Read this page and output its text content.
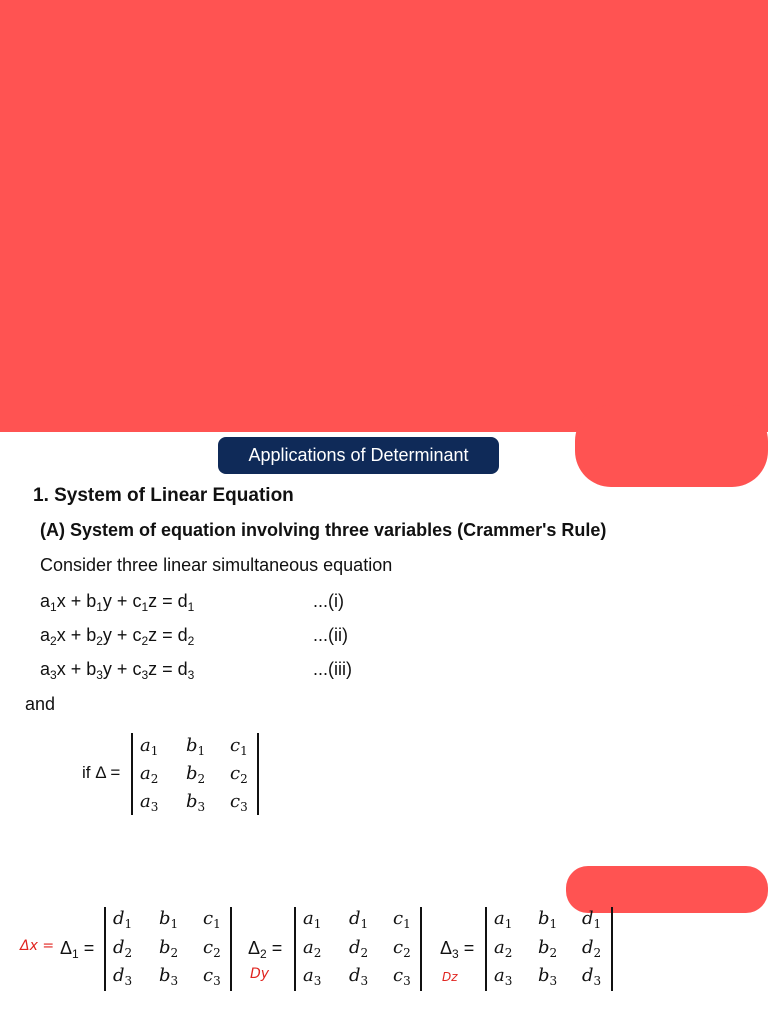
Applications of Determinant
1. System of Linear Equation
(A) System of equation involving three variables (Crammer's Rule)
Consider three linear simultaneous equation
$a_1x + b_1y + c_1z = d_1$	...(i)
$a_2x + b_2y + c_2z = d_2$	...(ii)
$a_3x + b_3y + c_3z = d_3$	...(iii)
and
if Δ =
$a_1$ $b_1$ $c_1$
$a_2$ $b_2$ $c_2$
$a_3$ $b_3$ $c_3$
$\Delta x = \Delta_1$ =
$d_1$ $b_1$ $c_1$
$d_2$ $b_2$ $c_2$
$d_3$ $b_3$ $c_3$
$\Delta_2$ =
Dy
$a_1$ $d_1$ $c_1$
$a_2$ $d_2$ $c_2$
$a_3$ $d_3$ $c_3$
$\Delta_3$ =
Dz
$a_1$ $b_1$ $d_1$
$a_2$ $b_2$ $d_2$
$a_3$ $b_3$ $d_3$
